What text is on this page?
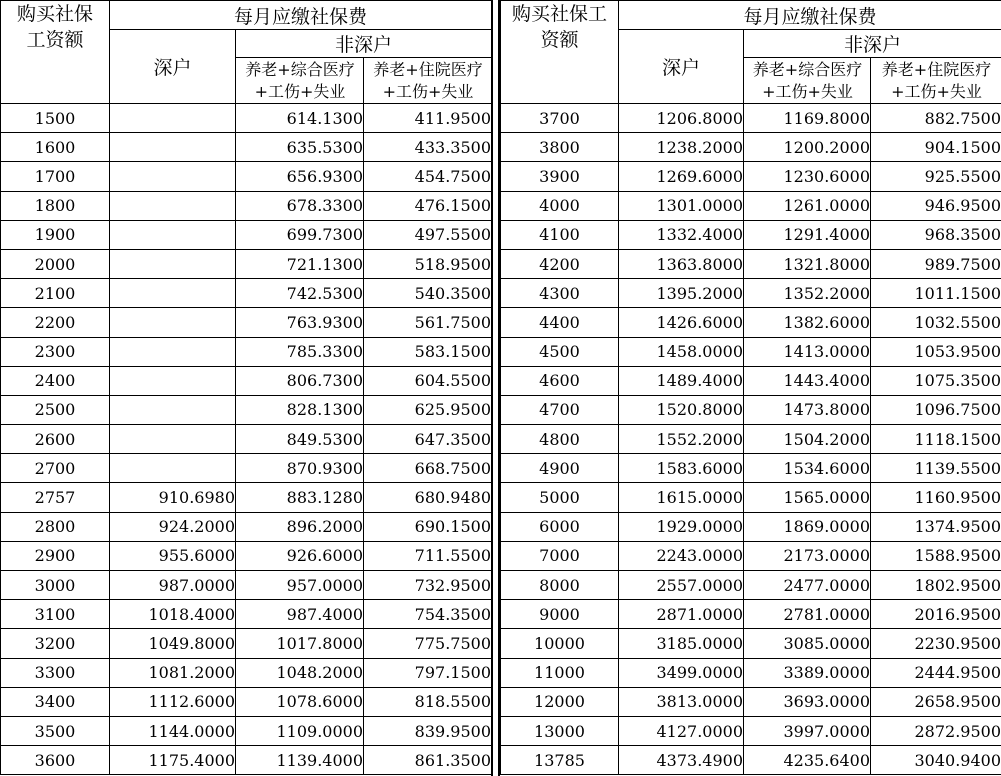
购买社保工资额	每月应缴社保费		
	深户	非深户	

		养老+综合医疗+工伤+失业	养老+住院医疗+工伤+失业

1500		614.1300	411.9500
1600		635.5300	433.3500
1700		656.9300	454.7500
1800		678.3300	476.1500
1900		699.7300	497.5500
2000		721.1300	518.9500
2100		742.5300	540.3500
2200		763.9300	561.7500
2300		785.3300	583.1500
2400		806.7300	604.5500
2500		828.1300	625.9500
2600		849.5300	647.3500
2700		870.9300	668.7500
2757	910.6980	883.1280	680.9480
2800	924.2000	896.2000	690.1500
2900	955.6000	926.6000	711.5500
3000	987.0000	957.0000	732.9500
3100	1018.4000	987.4000	754.3500
3200	1049.8000	1017.8000	775.7500
3300	1081.2000	1048.2000	797.1500
3400	1112.6000	1078.6000	818.5500
3500	1144.0000	1109.0000	839.9500
3600	1175.4000	1139.4000	861.3500
购买社保工资额	每月应缴社保费		
	深户	非深户	

		养老+综合医疗+工伤+失业	养老+住院医疗+工伤+失业

3700	1206.8000	1169.8000	882.7500
3800	1238.2000	1200.2000	904.1500
3900	1269.6000	1230.6000	925.5500
4000	1301.0000	1261.0000	946.9500
4100	1332.4000	1291.4000	968.3500
4200	1363.8000	1321.8000	989.7500
4300	1395.2000	1352.2000	1011.1500
4400	1426.6000	1382.6000	1032.5500
4500	1458.0000	1413.0000	1053.9500
4600	1489.4000	1443.4000	1075.3500
4700	1520.8000	1473.8000	1096.7500
4800	1552.2000	1504.2000	1118.1500
4900	1583.6000	1534.6000	1139.5500
5000	1615.0000	1565.0000	1160.9500
6000	1929.0000	1869.0000	1374.9500
7000	2243.0000	2173.0000	1588.9500
8000	2557.0000	2477.0000	1802.9500
9000	2871.0000	2781.0000	2016.9500
10000	3185.0000	3085.0000	2230.9500
11000	3499.0000	3389.0000	2444.9500
12000	3813.0000	3693.0000	2658.9500
13000	4127.0000	3997.0000	2872.9500
13785	4373.4900	4235.6400	3040.9400
